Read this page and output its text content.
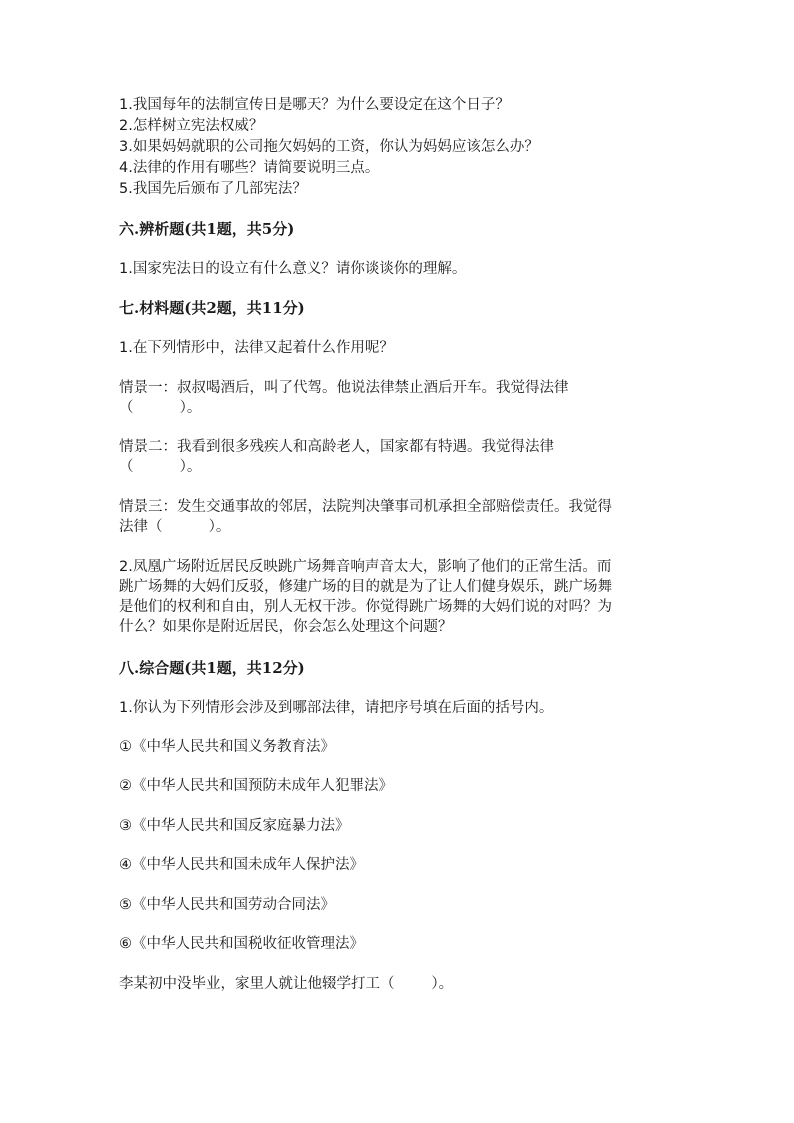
1.我国每年的法制宣传日是哪天？为什么要设定在这个日子？
2.怎样树立宪法权威？
3.如果妈妈就职的公司拖欠妈妈的工资，你认为妈妈应该怎么办？
4.法律的作用有哪些？请简要说明三点。
5.我国先后颁布了几部宪法？
六.辨析题(共1题，共5分)
1.国家宪法日的设立有什么意义？请你谈谈你的理解。
七.材料题(共2题，共11分)
1.在下列情形中，法律又起着什么作用呢？
情景一：叔叔喝酒后，叫了代驾。他说法律禁止酒后开车。我觉得法律
（          ）。
情景二：我看到很多残疾人和高龄老人，国家都有特遇。我觉得法律
（          ）。
情景三：发生交通事故的邻居，法院判决肇事司机承担全部赔偿责任。我觉得
法律（          ）。
2.凤凰广场附近居民反映跳广场舞音响声音太大，影响了他们的正常生活。而
跳广场舞的大妈们反驳，修建广场的目的就是为了让人们健身娱乐，跳广场舞
是他们的权利和自由，别人无权干涉。你觉得跳广场舞的大妈们说的对吗？为
什么？如果你是附近居民，你会怎么处理这个问题？
八.综合题(共1题，共12分)
1.你认为下列情形会涉及到哪部法律，请把序号填在后面的括号内。
①《中华人民共和国义务教育法》
②《中华人民共和国预防未成年人犯罪法》
③《中华人民共和国反家庭暴力法》
④《中华人民共和国未成年人保护法》
⑤《中华人民共和国劳动合同法》
⑥《中华人民共和国税收征收管理法》
李某初中没毕业，家里人就让他辍学打工（        ）。
